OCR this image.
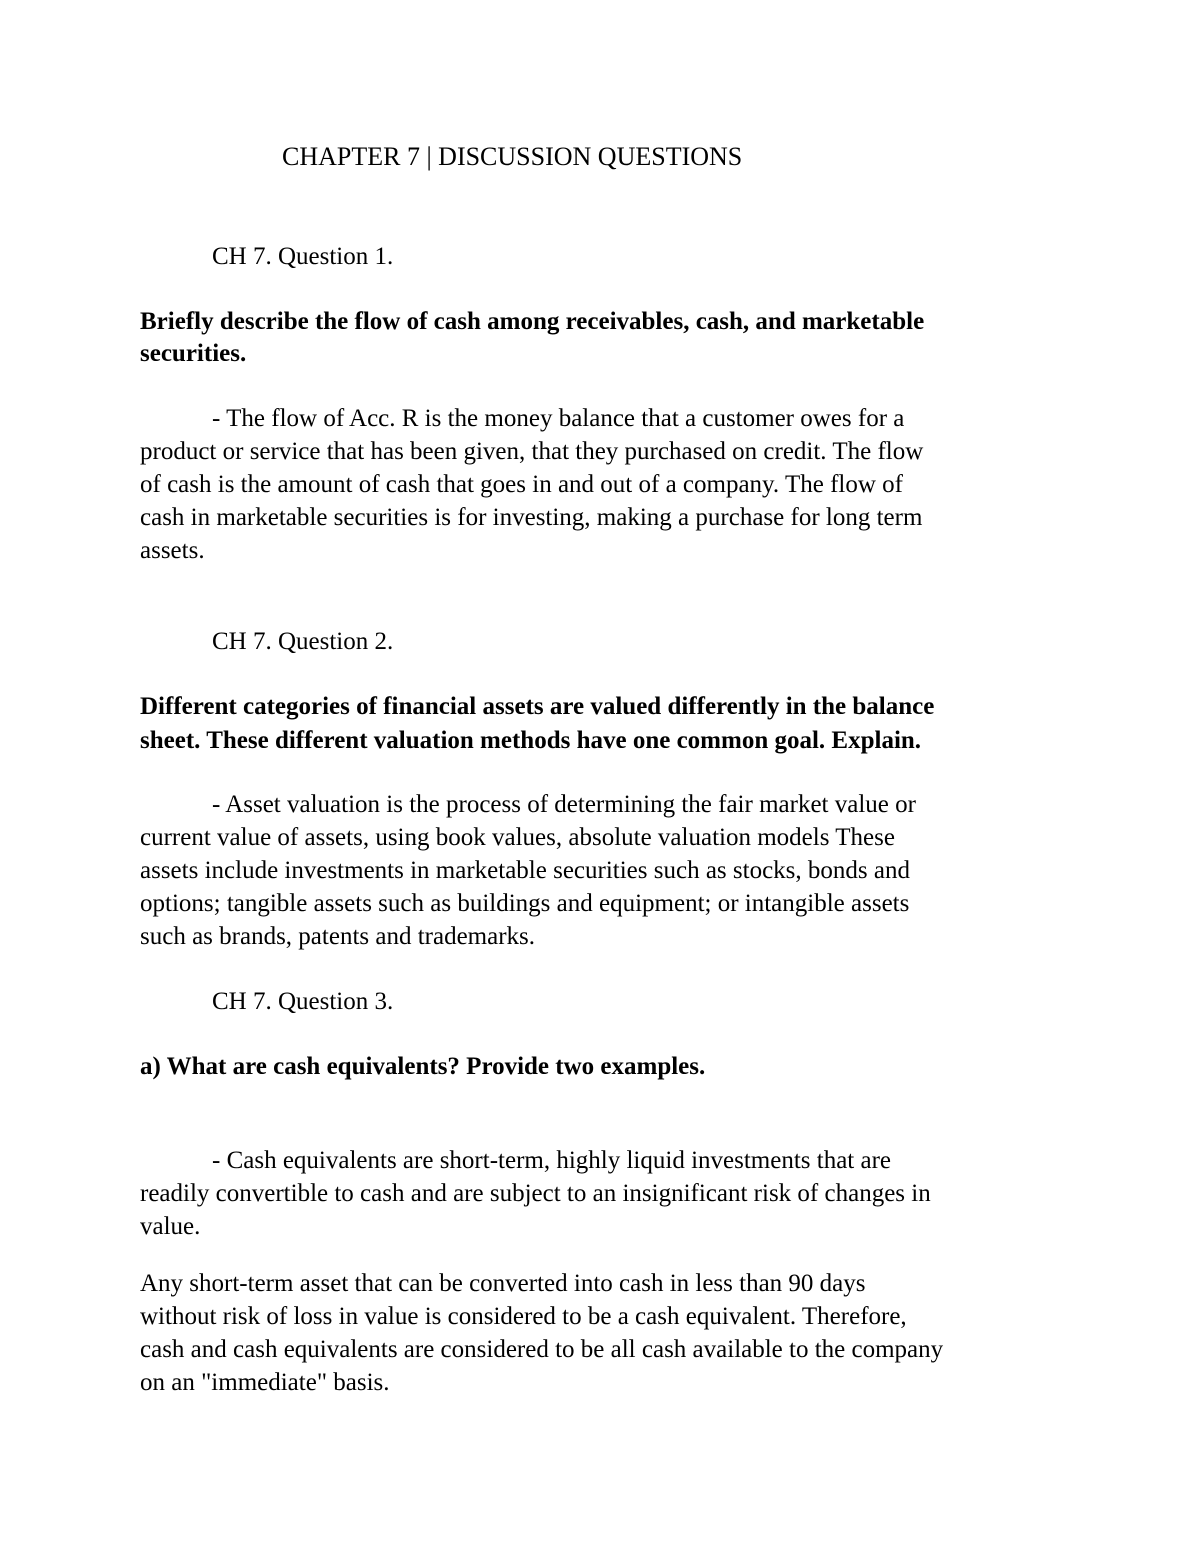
CHAPTER 7 | DISCUSSION QUESTIONS
CH 7. Question 1.
Briefly describe the flow of cash among receivables, cash, and marketable
securities.
- The flow of Acc. R is the money balance that a customer owes for a
product or service that has been given, that they purchased on credit. The flow
of cash is the amount of cash that goes in and out of a company. The flow of
cash in marketable securities is for investing, making a purchase for long term
assets.
CH 7. Question 2.
Different categories of financial assets are valued differently in the balance
sheet. These different valuation methods have one common goal. Explain.
- Asset valuation is the process of determining the fair market value or
current value of assets, using book values, absolute valuation models These
assets include investments in marketable securities such as stocks, bonds and
options; tangible assets such as buildings and equipment; or intangible assets
such as brands, patents and trademarks.
CH 7. Question 3.
a) What are cash equivalents? Provide two examples.
- Cash equivalents are short-term, highly liquid investments that are
readily convertible to cash and are subject to an insignificant risk of changes in
value.
Any short-term asset that can be converted into cash in less than 90 days
without risk of loss in value is considered to be a cash equivalent. Therefore,
cash and cash equivalents are considered to be all cash available to the company
on an "immediate" basis.
